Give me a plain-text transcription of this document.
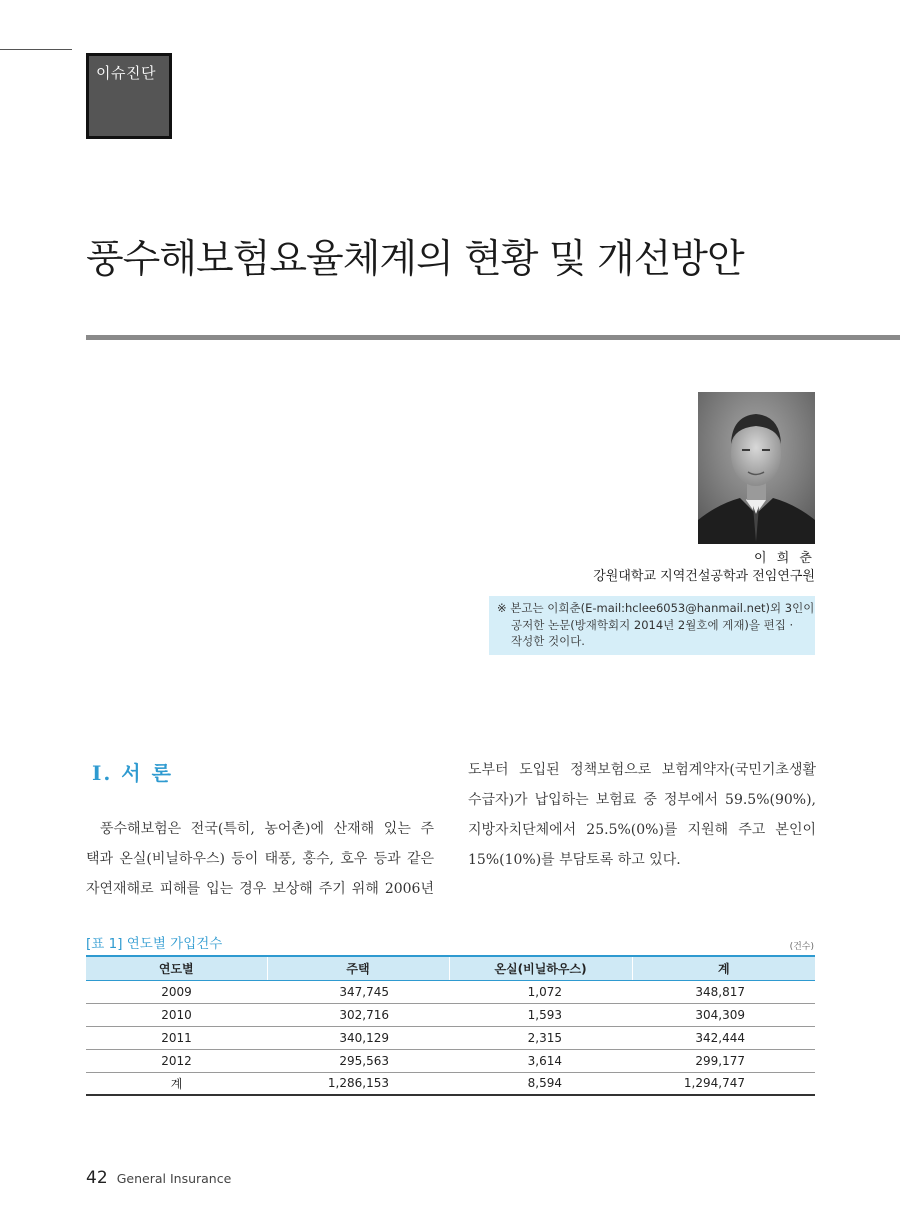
이슈진단
풍수해보험요율체계의 현황 및 개선방안
이 희 춘
강원대학교 지역건설공학과 전임연구원
※ 본고는 이희춘(E-mail:hclee6053@hanmail.net)외 3인이
공저한 논문(방재학회지 2014년 2월호에 게재)을 편집 ·
작성한 것이다.
Ⅰ. 서 론
풍수해보험은 전국(특히, 농어촌)에 산재해 있는 주
택과 온실(비닐하우스) 등이 태풍, 홍수, 호우 등과 같은
자연재해로 피해를 입는 경우 보상해 주기 위해 2006년
도부터 도입된 정책보험으로 보험계약자(국민기초생활
수급자)가 납입하는 보험료 중 정부에서 59.5%(90%),
지방자치단체에서 25.5%(0%)를 지원해 주고 본인이
15%(10%)를 부담토록 하고 있다.
[표 1] 연도별 가입건수	(건수)
연도별	주택	온실(비닐하우스)	계
2009	347,745	1,072	348,817
2010	302,716	1,593	304,309
2011	340,129	2,315	342,444
2012	295,563	3,614	299,177
계	1,286,153	8,594	1,294,747
42 General Insurance
